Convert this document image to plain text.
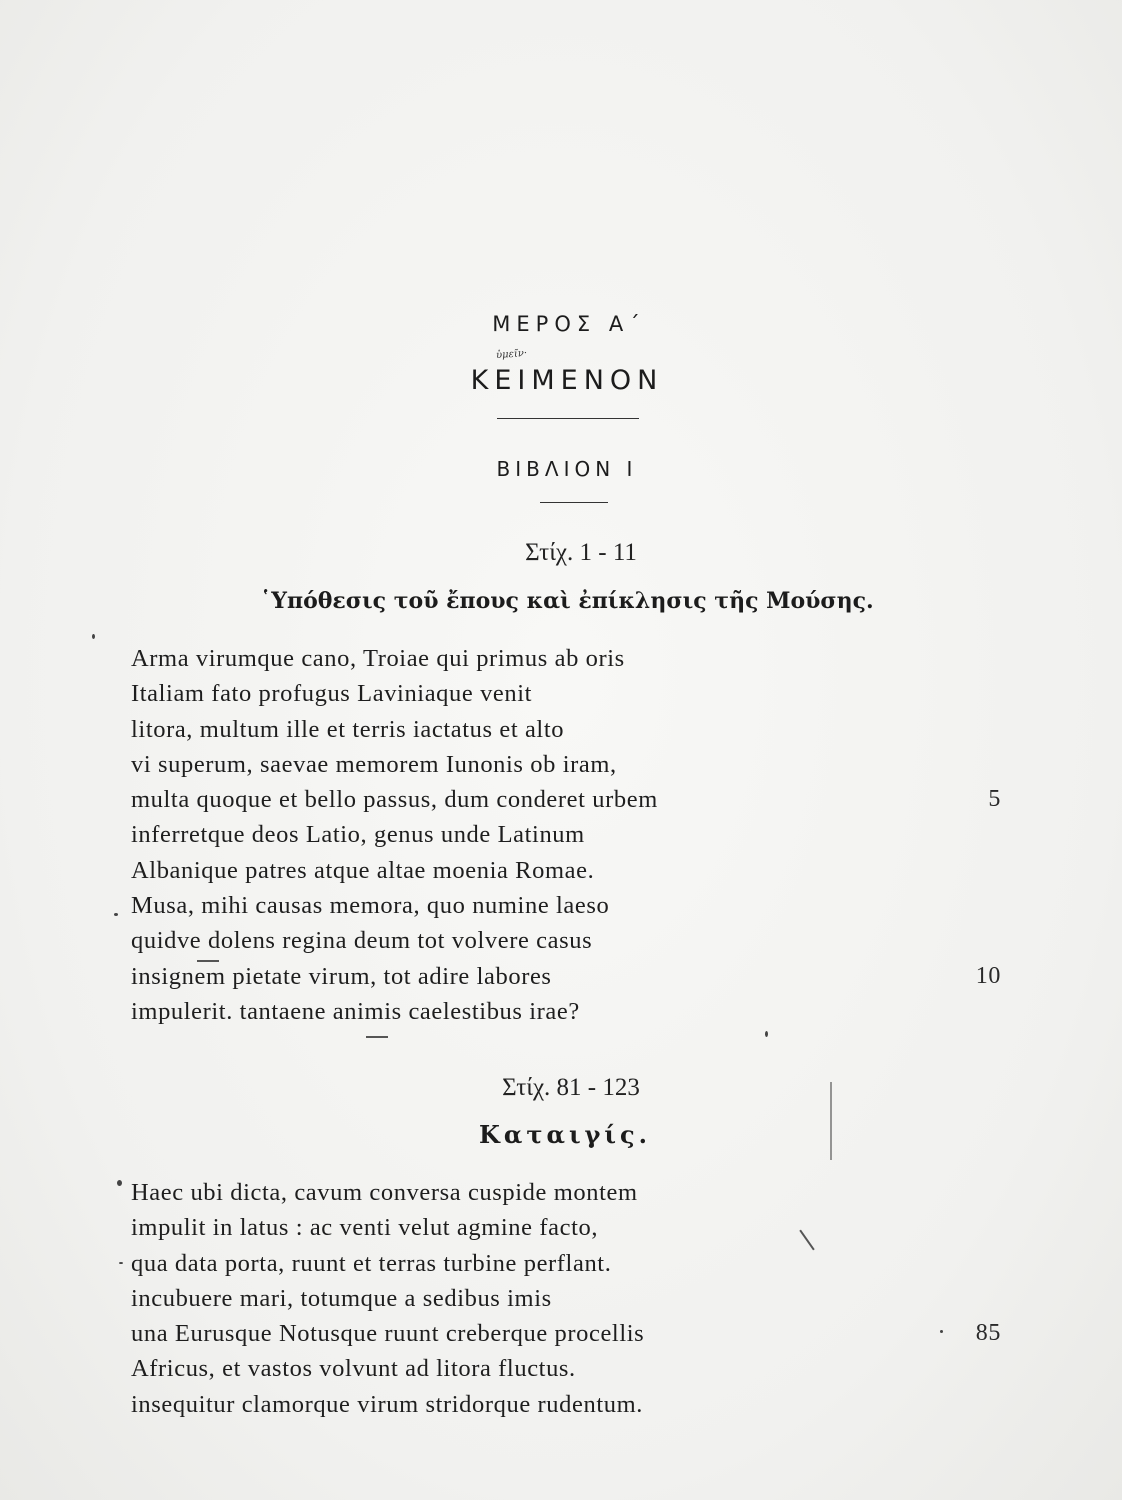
ΜΕΡΟΣ Α΄
ὑμεῖν·
ΚΕΙΜΕΝΟΝ
ΒΙΒΛΙΟΝ Ι
Στίχ. 1 - 11
῾Υπόθεσις τοῦ ἔπους καὶ ἐπίκλησις τῆς Μούσης.
Arma virumque cano, Troiae qui primus ab oris
Italiam fato profugus Laviniaque venit
litora, multum ille et terris iactatus et alto
vi superum, saevae memorem Iunonis ob iram,
multa quoque et bello passus, dum conderet urbem	5
inferretque deos Latio, genus unde Latinum
Albanique patres atque altae moenia Romae.
Musa, mihi causas memora, quo numine laeso
quidve dolens regina deum tot volvere casus
insignem pietate virum, tot adire labores	10
impulerit. tantaene animis caelestibus irae?
Στίχ. 81 - 123
Καταιγίς.
Haec ubi dicta, cavum conversa cuspide montem
impulit in latus : ac venti velut agmine facto,
qua data porta, ruunt et terras turbine perflant.
incubuere mari, totumque a sedibus imis
una Eurusque Notusque ruunt creberque procellis	85
Africus, et vastos volvunt ad litora fluctus.
insequitur clamorque virum stridorque rudentum.
